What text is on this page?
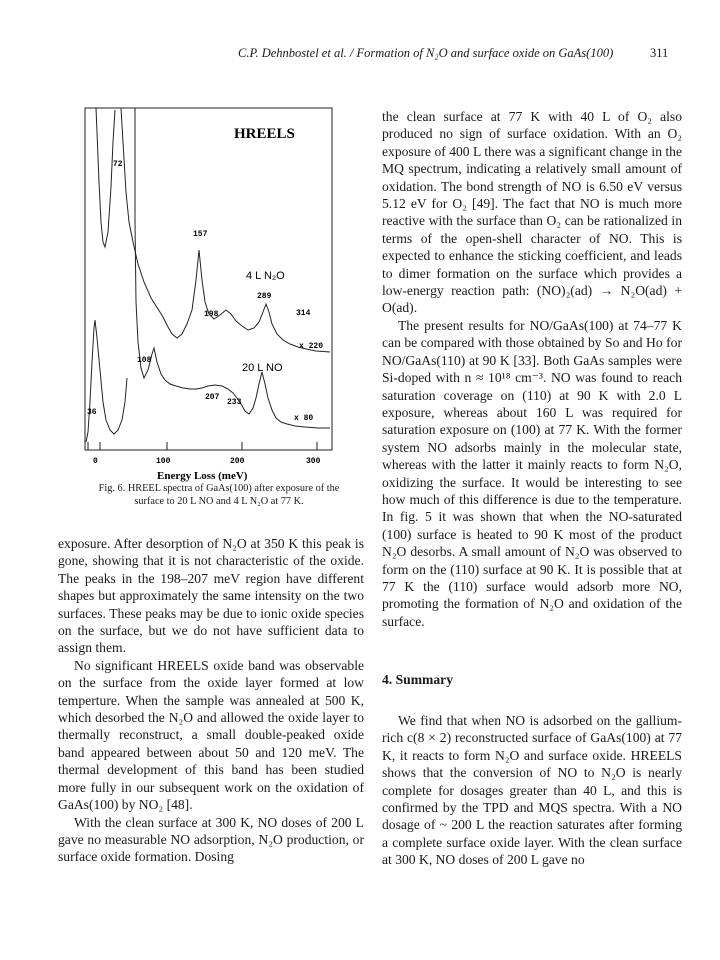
C.P. Dehnbostel et al. / Formation of N₂O and surface oxide on GaAs(100)	311
HREELS
72
157
198
289
314
4 L N₂O
x 220
36
108
207
233
20 L NO
x 80
0	100	200	300
Energy Loss (meV)
Fig. 6. HREEL spectra of GaAs(100) after exposure of the surface to 20 L NO and 4 L N₂O at 77 K.

exposure. After desorption of N₂O at 350 K this peak is gone, showing that it is not characteristic of the oxide. The peaks in the 198–207 meV region have different shapes but approximately the same intensity on the two surfaces. These peaks may be due to ionic oxide species on the surface, but we do not have sufficient data to assign them.

No significant HREELS oxide band was observable on the surface from the oxide layer formed at low temperture. When the sample was annealed at 500 K, which desorbed the N₂O and allowed the oxide layer to thermally reconstruct, a small double-peaked oxide band appeared between about 50 and 120 meV. The thermal development of this band has been studied more fully in our subsequent work on the oxidation of GaAs(100) by NO₂ [48].

With the clean surface at 300 K, NO doses of 200 L gave no measurable NO adsorption, N₂O production, or surface oxide formation. Dosing

the clean surface at 77 K with 40 L of O₂ also produced no sign of surface oxidation. With an O₂ exposure of 400 L there was a significant change in the MQ spectrum, indicating a relatively small amount of oxidation. The bond strength of NO is 6.50 eV versus 5.12 eV for O₂ [49]. The fact that NO is much more reactive with the surface than O₂ can be rationalized in terms of the open-shell character of NO. This is expected to enhance the sticking coefficient, and leads to dimer formation on the surface which provides a low-energy reaction path: (NO)₂(ad) → N₂O(ad) + O(ad).

The present results for NO/GaAs(100) at 74–77 K can be compared with those obtained by So and Ho for NO/GaAs(110) at 90 K [33]. Both GaAs samples were Si-doped with n ≈ 10¹⁸ cm⁻³. NO was found to reach saturation coverage on (110) at 90 K with 2.0 L exposure, whereas about 160 L was required for saturation exposure on (100) at 77 K. With the former system NO adsorbs mainly in the molecular state, whereas with the latter it mainly reacts to form N₂O, oxidizing the surface. It would be interesting to see how much of this difference is due to the temperature. In fig. 5 it was shown that when the NO-saturated (100) surface is heated to 90 K most of the product N₂O desorbs. A small amount of N₂O was observed to form on the (110) surface at 90 K. It is possible that at 77 K the (110) surface would adsorb more NO, promoting the formation of N₂O and oxidation of the surface.

4. Summary

We find that when NO is adsorbed on the gallium-rich c(8 × 2) reconstructed surface of GaAs(100) at 77 K, it reacts to form N₂O and surface oxide. HREELS shows that the conversion of NO to N₂O is nearly complete for dosages greater than 40 L, and this is confirmed by the TPD and MQS spectra. With a NO dosage of ~ 200 L the reaction saturates after forming a complete surface oxide layer. With the clean surface at 300 K, NO doses of 200 L gave no
